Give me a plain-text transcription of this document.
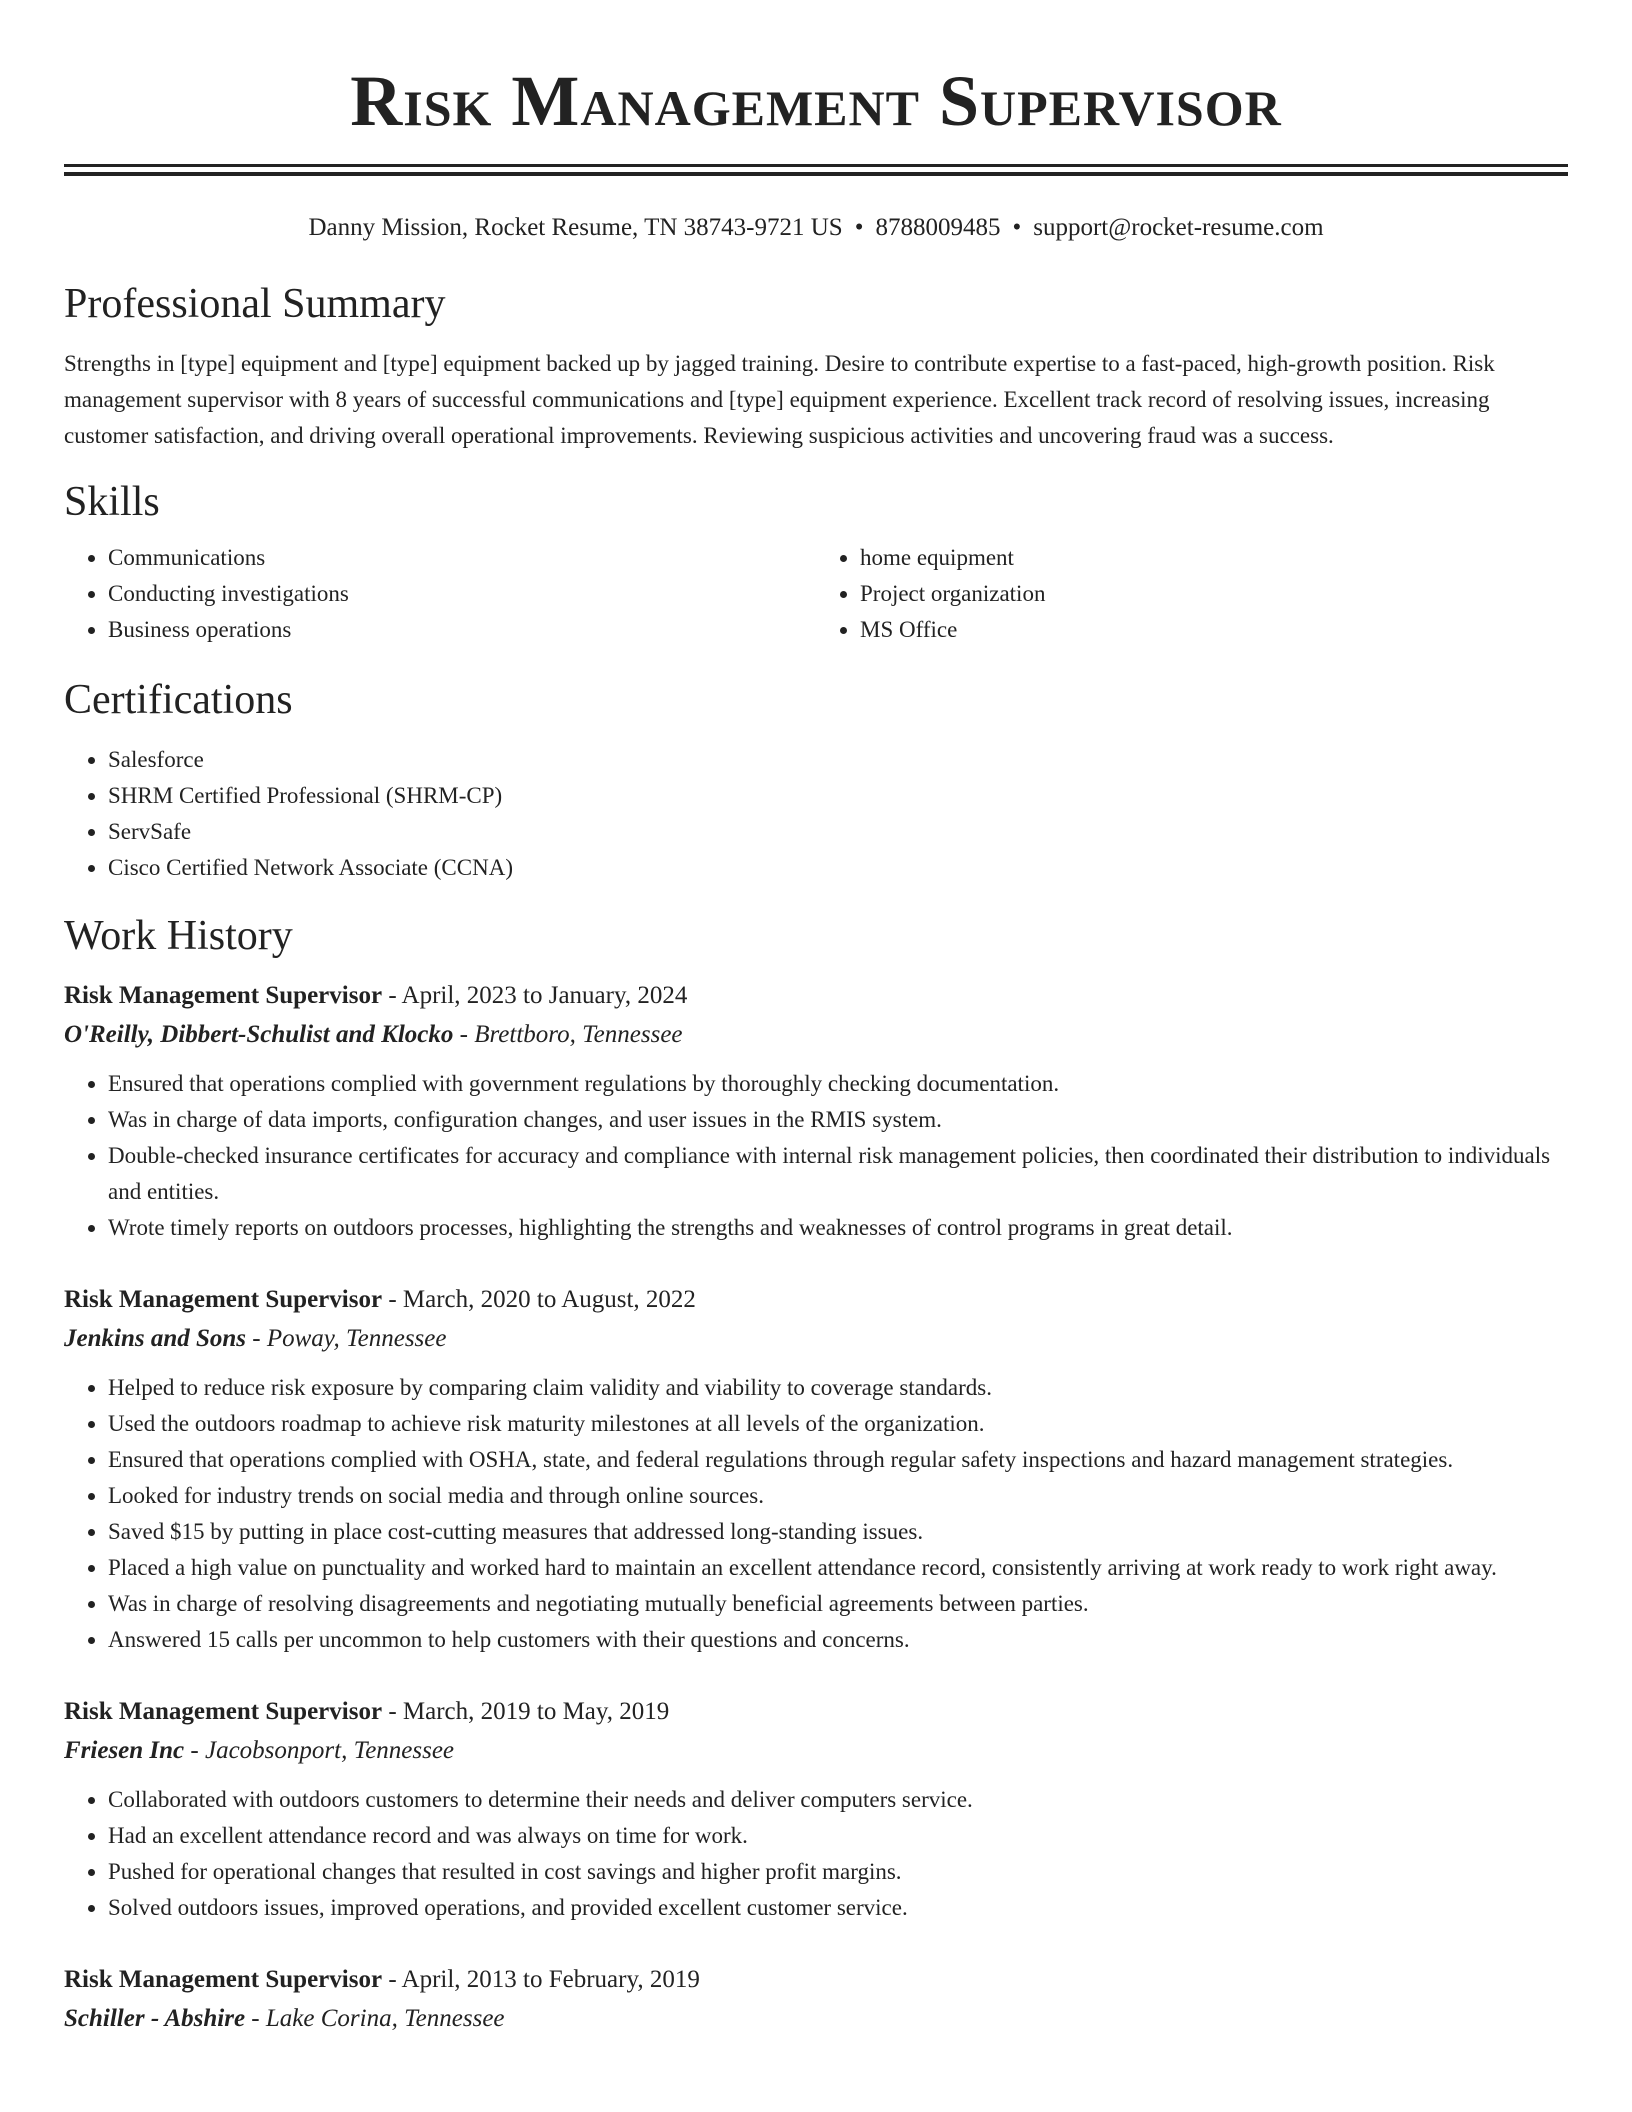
Risk Management Supervisor
Danny Mission, Rocket Resume, TN 38743-9721 US • 8788009485 • support@rocket-resume.com
Professional Summary

Strengths in [type] equipment and [type] equipment backed up by jagged training. Desire to contribute expertise to a fast-paced, high-growth position. Risk management supervisor with 8 years of successful communications and [type] equipment experience. Excellent track record of resolving issues, increasing customer satisfaction, and driving overall operational improvements. Reviewing suspicious activities and uncovering fraud was a success.

Skills
• Communications
• Conducting investigations
• Business operations
• home equipment
• Project organization
• MS Office
Certifications
• Salesforce
• SHRM Certified Professional (SHRM-CP)
• ServSafe
• Cisco Certified Network Associate (CCNA)
Work History
Risk Management Supervisor - April, 2023 to January, 2024
O'Reilly, Dibbert-Schulist and Klocko - Brettboro, Tennessee
• Ensured that operations complied with government regulations by thoroughly checking documentation.
• Was in charge of data imports, configuration changes, and user issues in the RMIS system.
• Double-checked insurance certificates for accuracy and compliance with internal risk management policies, then coordinated their distribution to individuals and entities.
• Wrote timely reports on outdoors processes, highlighting the strengths and weaknesses of control programs in great detail.
Risk Management Supervisor - March, 2020 to August, 2022
Jenkins and Sons - Poway, Tennessee
• Helped to reduce risk exposure by comparing claim validity and viability to coverage standards.
• Used the outdoors roadmap to achieve risk maturity milestones at all levels of the organization.
• Ensured that operations complied with OSHA, state, and federal regulations through regular safety inspections and hazard management strategies.
• Looked for industry trends on social media and through online sources.
• Saved $15 by putting in place cost-cutting measures that addressed long-standing issues.
• Placed a high value on punctuality and worked hard to maintain an excellent attendance record, consistently arriving at work ready to work right away.
• Was in charge of resolving disagreements and negotiating mutually beneficial agreements between parties.
• Answered 15 calls per uncommon to help customers with their questions and concerns.
Risk Management Supervisor - March, 2019 to May, 2019
Friesen Inc - Jacobsonport, Tennessee
• Collaborated with outdoors customers to determine their needs and deliver computers service.
• Had an excellent attendance record and was always on time for work.
• Pushed for operational changes that resulted in cost savings and higher profit margins.
• Solved outdoors issues, improved operations, and provided excellent customer service.
Risk Management Supervisor - April, 2013 to February, 2019
Schiller - Abshire - Lake Corina, Tennessee
